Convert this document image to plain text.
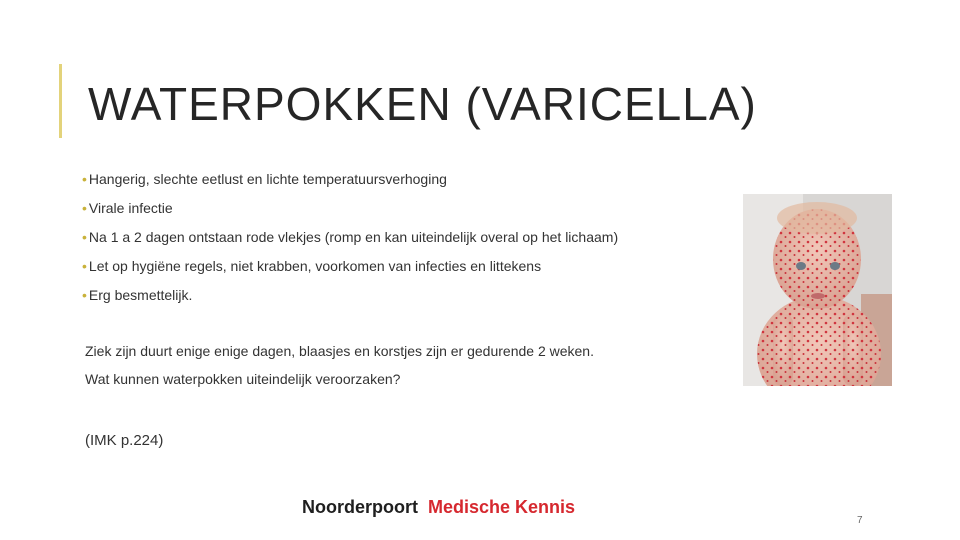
WATERPOKKEN (VARICELLA)
• Hangerig, slechte eetlust en lichte temperatuursverhoging
• Virale infectie
• Na 1 a 2 dagen ontstaan rode vlekjes (romp en kan uiteindelijk overal op het lichaam)
• Let op hygiëne regels, niet krabben, voorkomen van infecties en littekens
• Erg besmettelijk.

Ziek zijn duurt enige enige dagen, blaasjes en korstjes zijn er gedurende 2 weken.

Wat kunnen waterpokken uiteindelijk veroorzaken?

(IMK p.224)

Noorderpoort Medische Kennis
7
